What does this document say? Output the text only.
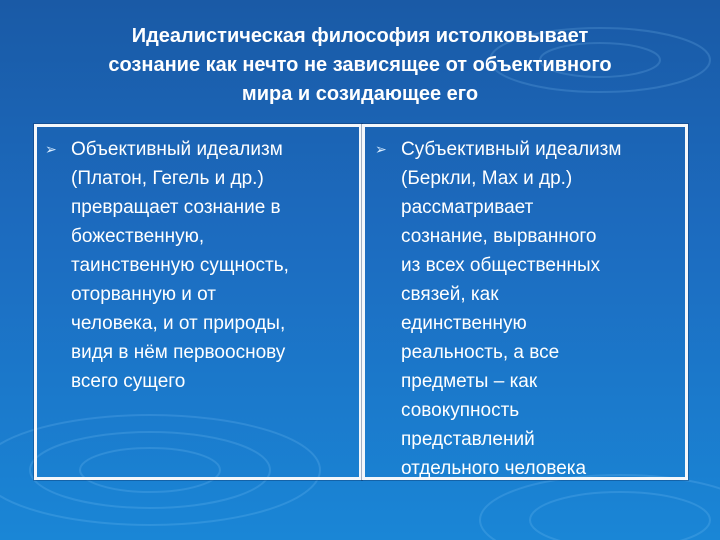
Идеалистическая философия истолковывает
сознание как нечто не зависящее от объективного
мира и созидающее его
➢ Объективный идеализм
(Платон, Гегель и др.)
превращает сознание в
божественную,
таинственную сущность,
оторванную и от
человека, и от природы,
видя в нём первооснову
всего сущего
➢ Субъективный идеализм
(Беркли, Мах и др.)
рассматривает
сознание, вырванного
из всех общественных
связей, как
единственную
реальность, а все
предметы – как
совокупность
представлений
отдельного человека
